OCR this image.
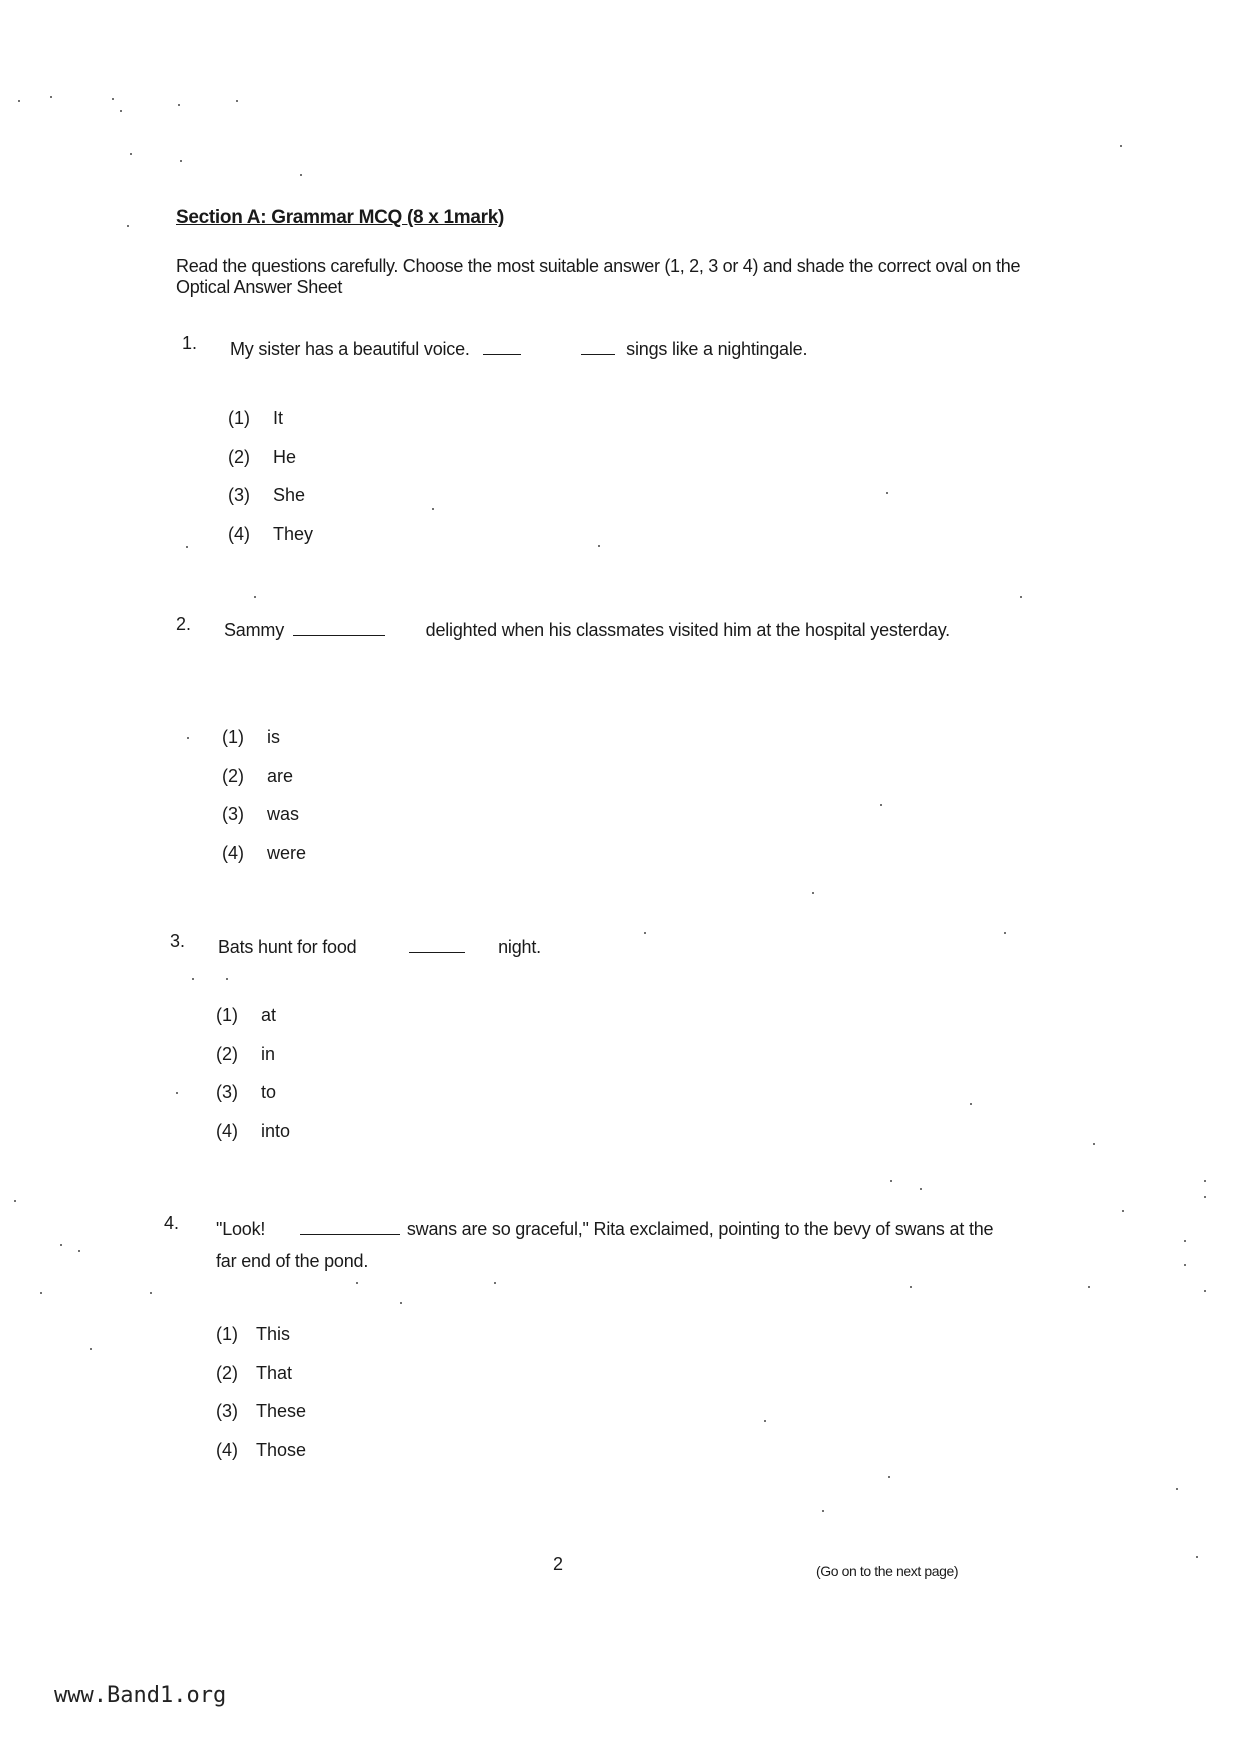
Section A: Grammar MCQ (8 x 1mark)
Read the questions carefully. Choose the most suitable answer (1, 2, 3 or 4) and shade the correct oval on the Optical Answer Sheet
1.	My sister has a beautiful voice.	sings like a nightingale.
(1)	It
(2)	He
(3)	She
(4)	They
2.	Sammy	delighted when his classmates visited him at the hospital yesterday.
(1)	is
(2)	are
(3)	was
(4)	were
3.	Bats hunt for food	night.
(1)	at
(2)	in
(3)	to
(4)	into
4.	"Look!	swans are so graceful," Rita exclaimed, pointing to the bevy of swans at the far end of the pond.
(1)	This
(2)	That
(3)	These
(4)	Those
2	(Go on to the next page)
www.Band1.org
